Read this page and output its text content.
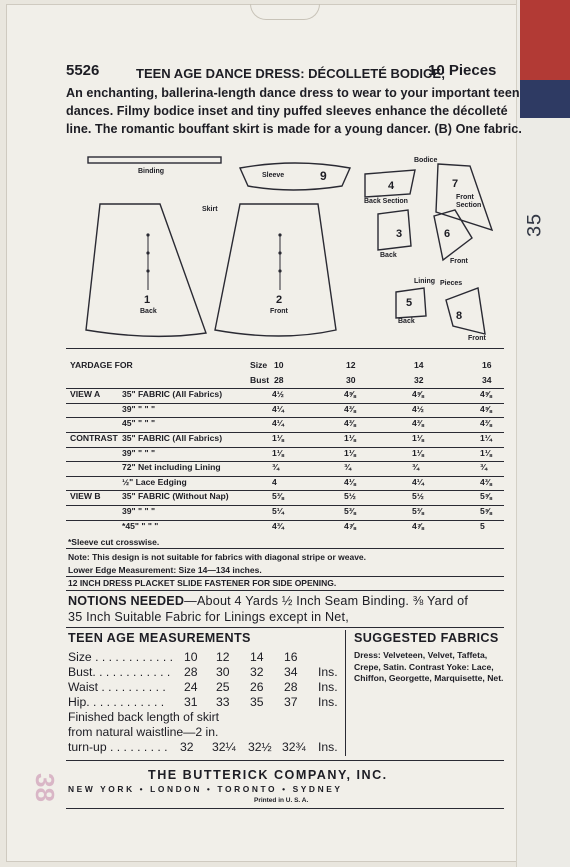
35
5526	TEEN AGE DANCE DRESS: DÉCOLLETÉ BODICE;
10 Pieces
An enchanting, ballerina-length dance dress to wear to your important teen dances. Filmy bodice inset and tiny puffed sleeves enhance the décolleté line. The romantic bouffant skirt is made for a young dancer. (B) One fabric.
Binding
Sleeve	9
Skirt
Bodice
1
Back
2
Front
4
Back Section
7
Front Section
3
Back
6
Front
Lining Pieces
5
Back	8
Front
YARDAGE FOR	Size 10	12	14	16
Bust 28	30	32	34
VIEW A	35" FABRIC (All Fabrics)	4½	4⅝	4⅝	4⅝
39" " " "	4¼	4⅜	4½	4⅝
45" " " "	4¼	4⅜	4⅜	4⅜
CONTRAST 35" FABRIC (All Fabrics)	1⅛	1⅛	1⅛	1¼
39" " " "	1⅛	1⅛	1⅛	1⅛
72" Net including Lining	¾	¾	¾	¾
½" Lace Edging	4	4⅛	4¼	4⅜
VIEW B 35" FABRIC (Without Nap)	5⅜	5½	5½	5⅝
39" " " "	5¼	5⅜	5⅜	5⅝
*45" " " "	4¾	4⅞	4⅞	5
*Sleeve cut crosswise.
Note: This design is not suitable for fabrics with diagonal stripe or weave.
Lower Edge Measurement: Size 14—134 inches.
12 INCH DRESS PLACKET SLIDE FASTENER FOR SIDE OPENING.
NOTIONS NEEDED—About 4 Yards ½ Inch Seam Binding. ⅜ Yard of
35 Inch Suitable Fabric for Linings except in Net,
TEEN AGE MEASUREMENTS
Size . . . . . . . . . . . . 10 12 14 16
Bust. . . . . . . . . . . . 28 30 32 34 Ins.
Waist . . . . . . . . . . 24 25 26 28 Ins.
Hip. . . . . . . . . . . . 31 33 35 37 Ins.
Finished back length of skirt
from natural waistline—2 in.
turn-up . . . . . . . . . 32 32¼ 32½ 32¾ Ins.
SUGGESTED FABRICS
Dress: Velveteen, Velvet, Taffeta, Crepe, Satin. Contrast Yoke: Lace, Chiffon, Georgette, Marquisette, Net.
THE BUTTERICK COMPANY, INC.
NEW YORK • LONDON • TORONTO • SYDNEY
Printed in U. S. A.
38
